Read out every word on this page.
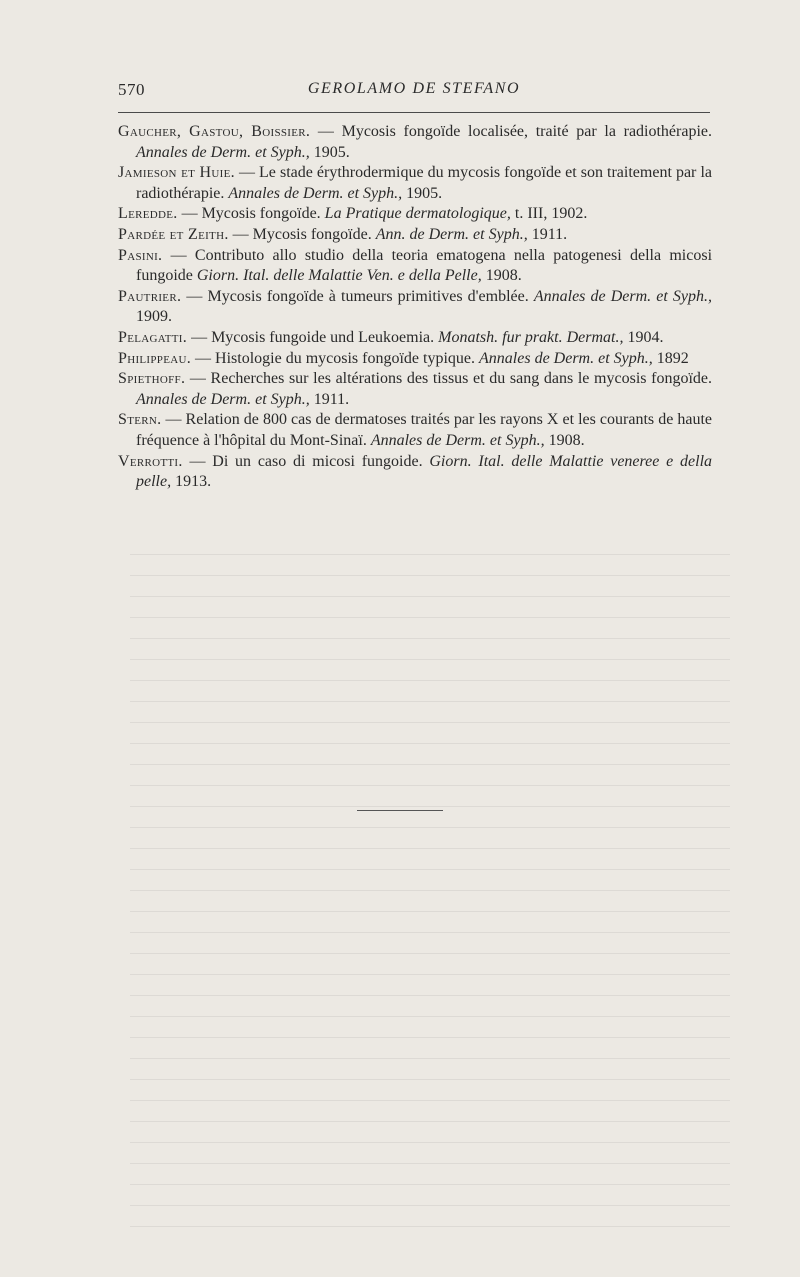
570	GEROLAMO DE STEFANO

Gaucher, Gastou, Boissier. — Mycosis fongoïde localisée, traité par la radiothérapie. Annales de Derm. et Syph., 1905.

Jamieson et Huie. — Le stade érythrodermique du mycosis fongoïde et son traitement par la radiothérapie. Annales de Derm. et Syph., 1905.

Leredde. — Mycosis fongoïde. La Pratique dermatologique, t. III, 1902.

Pardée et Zeith. — Mycosis fongoïde. Ann. de Derm. et Syph., 1911.

Pasini. — Contributo allo studio della teoria ematogena nella patogenesi della micosi fungoide Giorn. Ital. delle Malattie Ven. e della Pelle, 1908.

Pautrier. — Mycosis fongoïde à tumeurs primitives d'emblée. Annales de Derm. et Syph., 1909.

Pelagatti. — Mycosis fungoide und Leukoemia. Monatsh. fur prakt. Dermat., 1904.

Philippeau. — Histologie du mycosis fongoïde typique. Annales de Derm. et Syph., 1892

Spiethoff. — Recherches sur les altérations des tissus et du sang dans le mycosis fongoïde. Annales de Derm. et Syph., 1911.

Stern. — Relation de 800 cas de dermatoses traités par les rayons X et les courants de haute fréquence à l'hôpital du Mont-Sinaï. Annales de Derm. et Syph., 1908.

Verrotti. — Di un caso di micosi fungoide. Giorn. Ital. delle Malattie veneree e della pelle, 1913.
